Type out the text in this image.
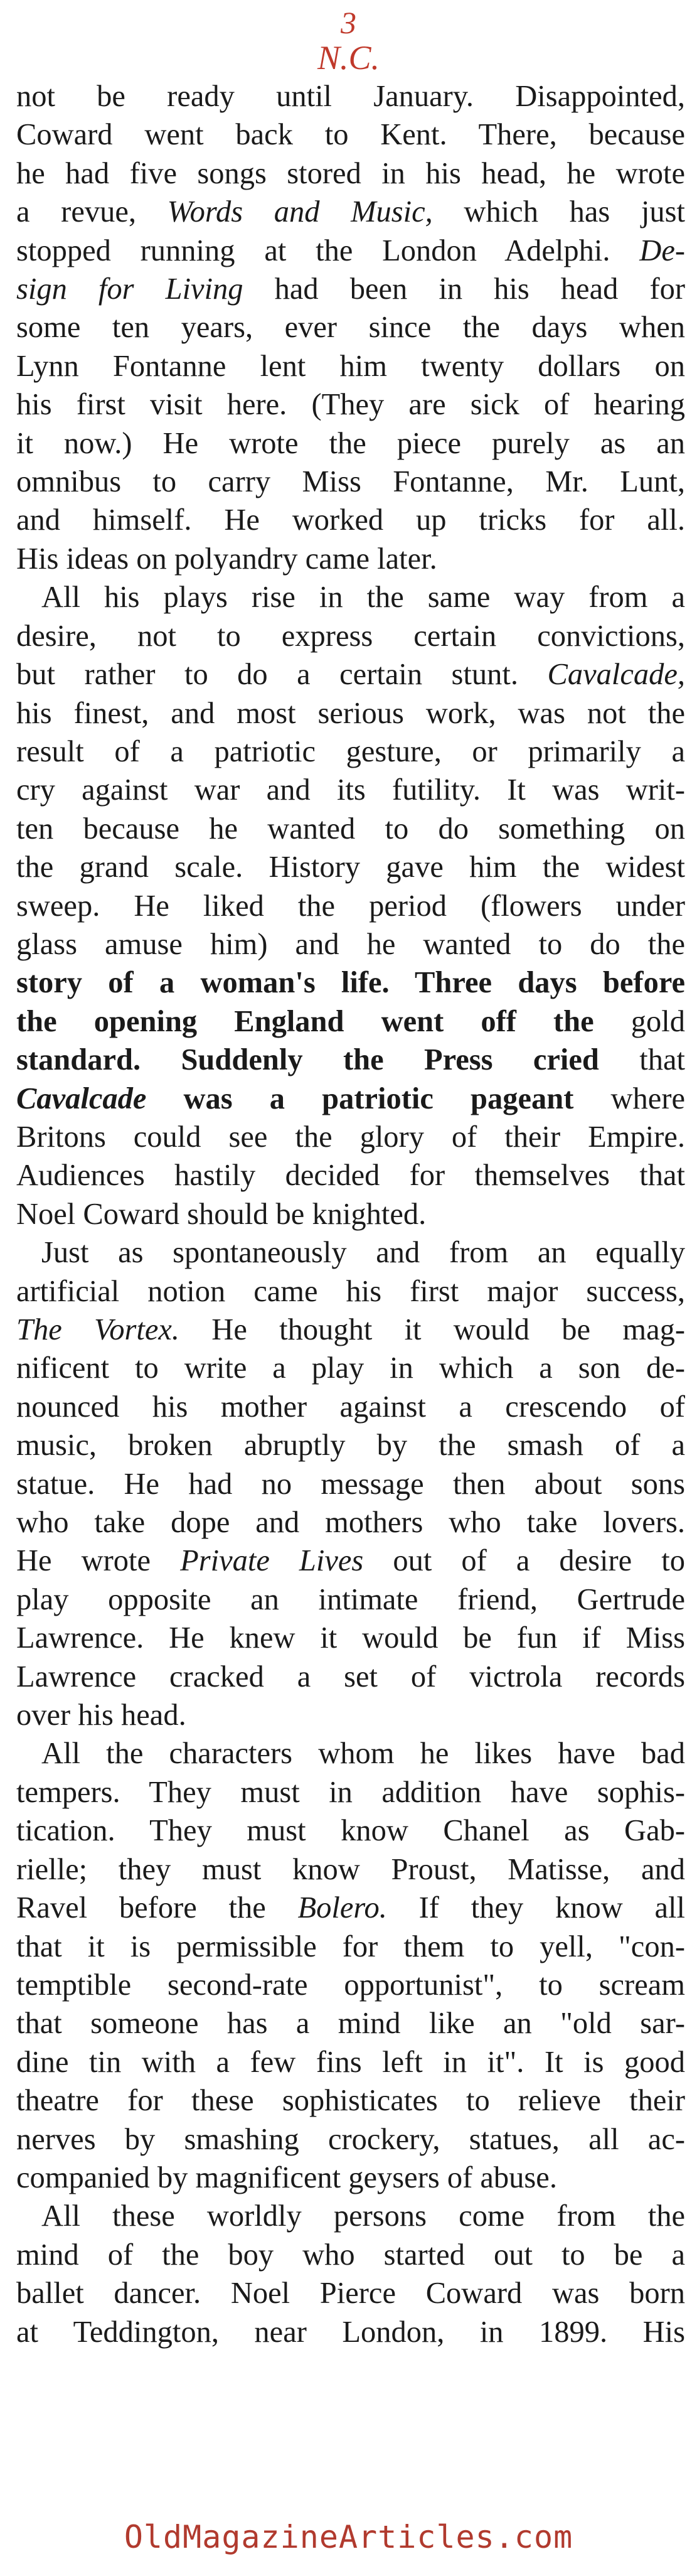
3
N.C.
not be ready until January. Disappointed,
Coward went back to Kent. There, because
he had five songs stored in his head, he wrote
a revue, Words and Music, which has just
stopped running at the London Adelphi. De-
sign for Living had been in his head for
some ten years, ever since the days when
Lynn Fontanne lent him twenty dollars on
his first visit here. (They are sick of hearing
it now.) He wrote the piece purely as an
omnibus to carry Miss Fontanne, Mr. Lunt,
and himself. He worked up tricks for all.
His ideas on polyandry came later.
All his plays rise in the same way from a
desire, not to express certain convictions,
but rather to do a certain stunt. Cavalcade,
his finest, and most serious work, was not the
result of a patriotic gesture, or primarily a
cry against war and its futility. It was writ-
ten because he wanted to do something on
the grand scale. History gave him the widest
sweep. He liked the period (flowers under
glass amuse him) and he wanted to do the
story of a woman's life. Three days before
the opening England went off the gold
standard. Suddenly the Press cried that
Cavalcade was a patriotic pageant where
Britons could see the glory of their Empire.
Audiences hastily decided for themselves that
Noel Coward should be knighted.
Just as spontaneously and from an equally
artificial notion came his first major success,
The Vortex. He thought it would be mag-
nificent to write a play in which a son de-
nounced his mother against a crescendo of
music, broken abruptly by the smash of a
statue. He had no message then about sons
who take dope and mothers who take lovers.
He wrote Private Lives out of a desire to
play opposite an intimate friend, Gertrude
Lawrence. He knew it would be fun if Miss
Lawrence cracked a set of victrola records
over his head.
All the characters whom he likes have bad
tempers. They must in addition have sophis-
tication. They must know Chanel as Gab-
rielle; they must know Proust, Matisse, and
Ravel before the Bolero. If they know all
that it is permissible for them to yell, "con-
temptible second-rate opportunist", to scream
that someone has a mind like an "old sar-
dine tin with a few fins left in it". It is good
theatre for these sophisticates to relieve their
nerves by smashing crockery, statues, all ac-
companied by magnificent geysers of abuse.
All these worldly persons come from the
mind of the boy who started out to be a
ballet dancer. Noel Pierce Coward was born
at Teddington, near London, in 1899. His
OldMagazineArticles.com
